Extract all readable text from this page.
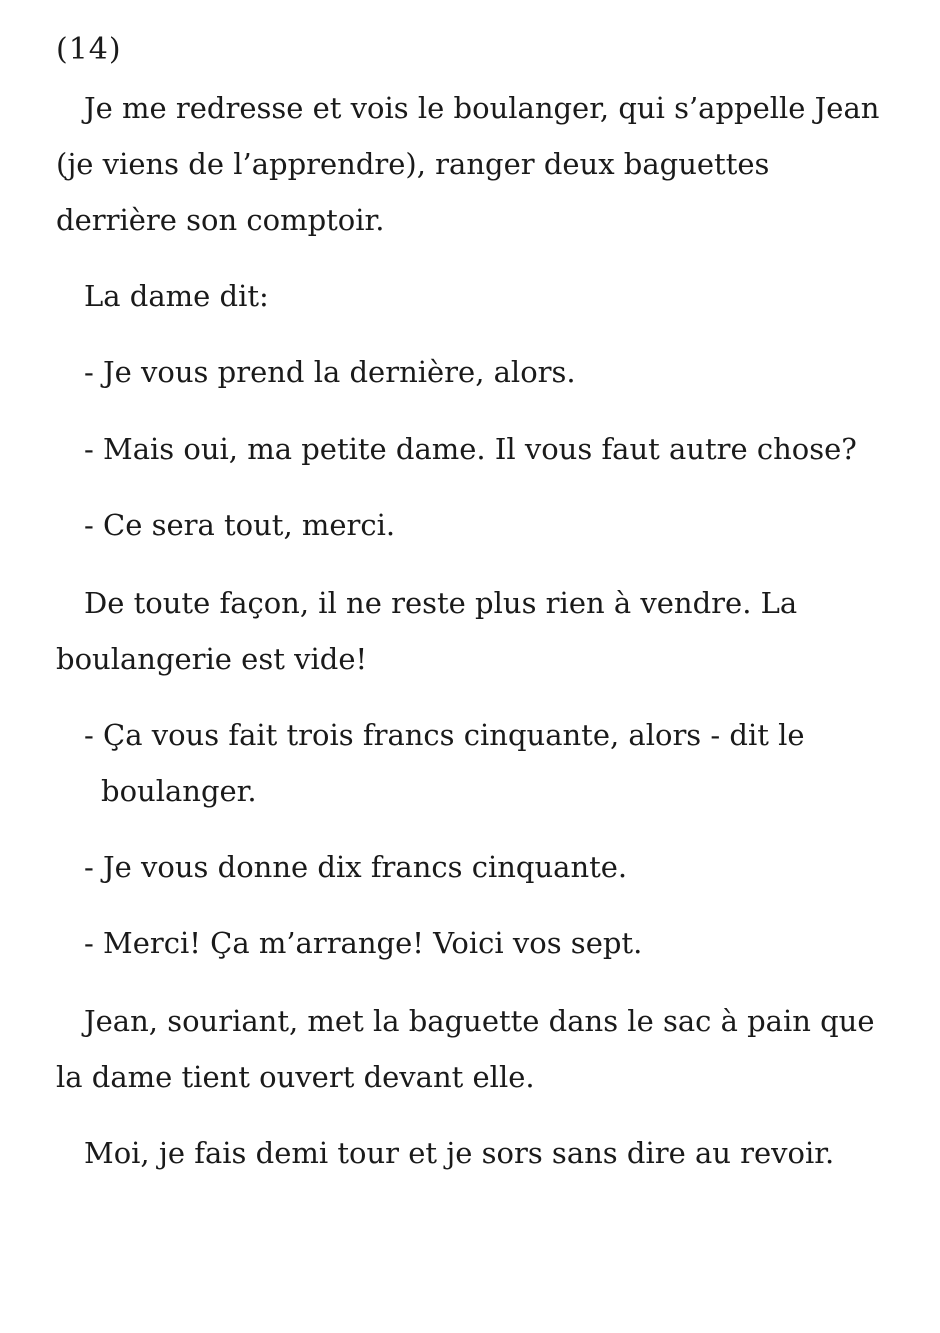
(14)

Je me redresse et vois le boulanger, qui s’appelle Jean (je viens de l’apprendre), ranger deux baguettes derrière son comptoir.

La dame dit:

- Je vous prend la dernière, alors.

- Mais oui, ma petite dame. Il vous faut autre chose?

- Ce sera tout, merci.

De toute façon, il ne reste plus rien à vendre. La boulangerie est vide!

- Ça vous fait trois francs cinquante, alors - dit le boulanger.

- Je vous donne dix francs cinquante.

- Merci! Ça m’arrange! Voici vos sept.

Jean, souriant, met la baguette dans le sac à pain que la dame tient ouvert devant elle.

Moi, je fais demi tour et je sors sans dire au revoir.
